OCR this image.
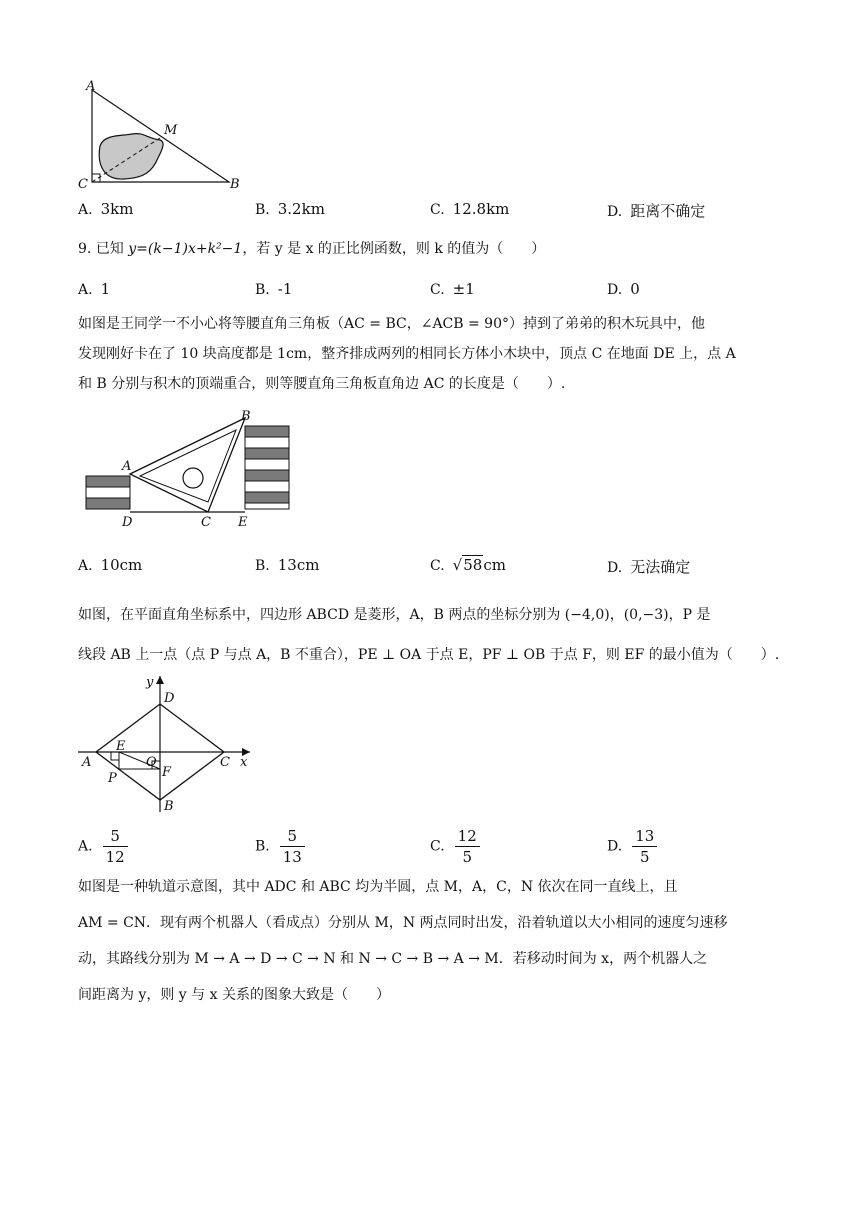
A
M
C	B
A. 3km	B. 3.2km	C. 12.8km	D. 距离不确定
9. 已知 y=(k−1)x+k²−1，若 y 是 x 的正比例函数，则 k 的值为（　　）
A. 1	B. -1	C. ±1	D. 0
如图是王同学一不小心将等腰直角三角板（AC = BC，∠ACB = 90°）掉到了弟弟的积木玩具中，他
发现刚好卡在了 10 块高度都是 1cm，整齐排成两列的相同长方体小木块中，顶点 C 在地面 DE 上，点 A
和 B 分别与积木的顶端重合，则等腰直角三角板直角边 AC 的长度是（　　）.
A
B
C
D	E
A. 10cm	B. 13cm	C. √58cm	D. 无法确定
如图，在平面直角坐标系中，四边形 ABCD 是菱形，A，B 两点的坐标分别为 (−4,0)，(0,−3)，P 是
线段 AB 上一点（点 P 与点 A，B 不重合），PE ⊥ OA 于点 E，PF ⊥ OB 于点 F，则 EF 的最小值为（　　）.
y
x
D
E
A	O	C
P	F
B
A. $\frac{5}{12}$	B. $\frac{5}{13}$	C. $\frac{12}{5}$	D. $\frac{13}{5}$
如图是一种轨道示意图，其中 ADC 和 ABC 均为半圆，点 M，A，C，N 依次在同一直线上，且
AM = CN．现有两个机器人（看成点）分别从 M，N 两点同时出发，沿着轨道以大小相同的速度匀速移
动，其路线分别为 M → A → D → C → N 和 N → C → B → A → M．若移动时间为 x，两个机器人之
间距离为 y，则 y 与 x 关系的图象大致是（　　）
